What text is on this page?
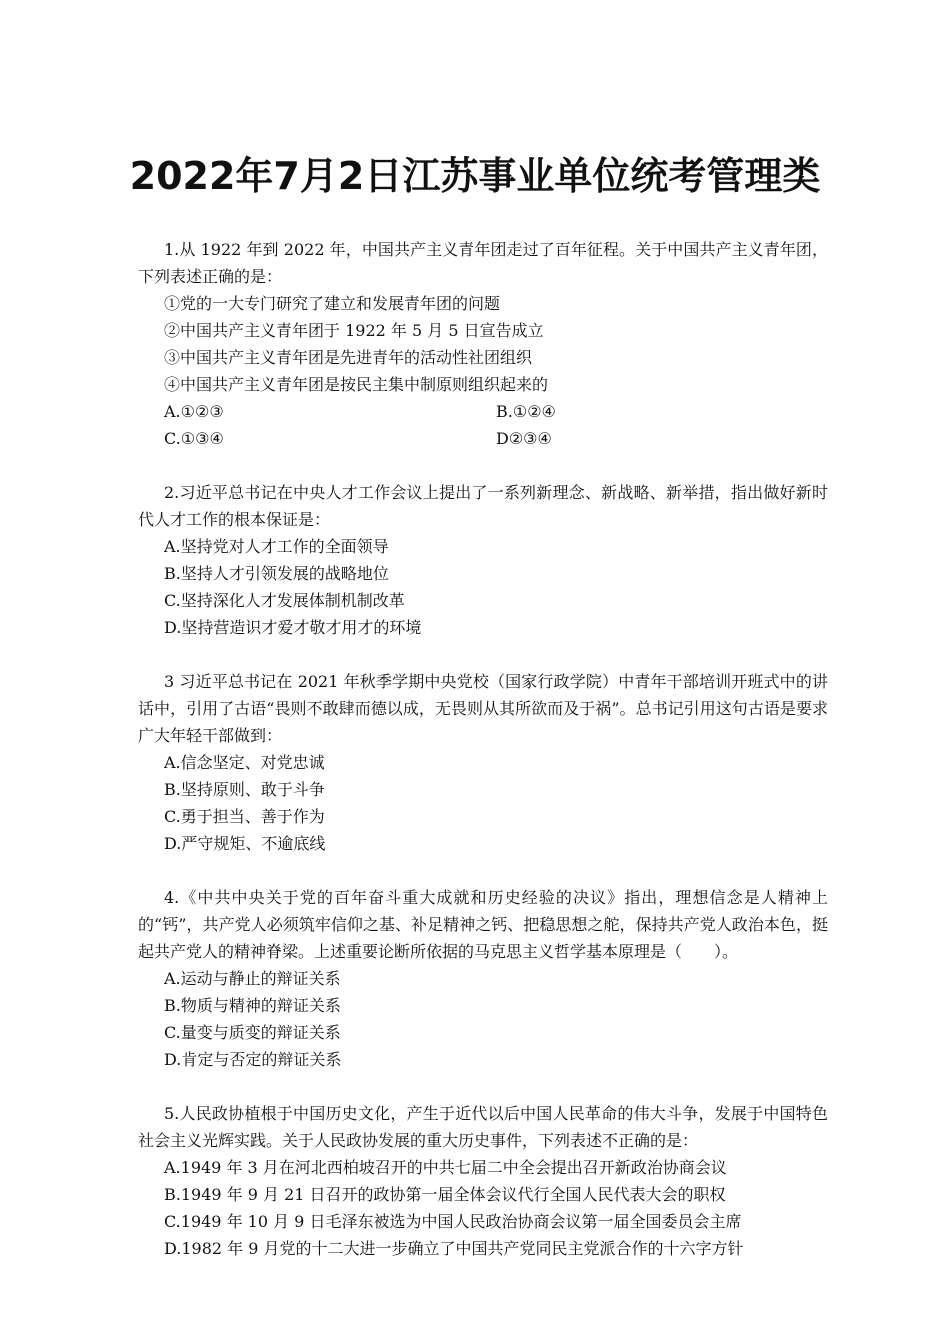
2022年7月2日江苏事业单位统考管理类

1.从 1922 年到 2022 年，中国共产主义青年团走过了百年征程。关于中国共产主义青年团，下列表述正确的是：

①党的一大专门研究了建立和发展青年团的问题

②中国共产主义青年团于 1922 年 5 月 5 日宣告成立

③中国共产主义青年团是先进青年的活动性社团组织

④中国共产主义青年团是按民主集中制原则组织起来的

A.①②③	B.①②④
C.①③④	D②③④

2.习近平总书记在中央人才工作会议上提出了一系列新理念、新战略、新举措，指出做好新时代人才工作的根本保证是：

A.坚持党对人才工作的全面领导

B.坚持人才引领发展的战略地位

C.坚持深化人才发展体制机制改革

D.坚持营造识才爱才敬才用才的环境

3 习近平总书记在 2021 年秋季学期中央党校（国家行政学院）中青年干部培训开班式中的讲话中，引用了古语“畏则不敢肆而德以成，无畏则从其所欲而及于祸”。总书记引用这句古语是要求广大年轻干部做到：

A.信念坚定、对党忠诚

B.坚持原则、敢于斗争

C.勇于担当、善于作为

D.严守规矩、不逾底线

4.《中共中央关于党的百年奋斗重大成就和历史经验的决议》指出，理想信念是人精神上的“钙”，共产党人必须筑牢信仰之基、补足精神之钙、把稳思想之舵，保持共产党人政治本色，挺起共产党人的精神脊梁。上述重要论断所依据的马克思主义哲学基本原理是（　　）。

A.运动与静止的辩证关系

B.物质与精神的辩证关系

C.量变与质变的辩证关系

D.肯定与否定的辩证关系

5.人民政协植根于中国历史文化，产生于近代以后中国人民革命的伟大斗争，发展于中国特色社会主义光辉实践。关于人民政协发展的重大历史事件，下列表述不正确的是：

A.1949 年 3 月在河北西柏坡召开的中共七届二中全会提出召开新政治协商会议

B.1949 年 9 月 21 日召开的政协第一届全体会议代行全国人民代表大会的职权

C.1949 年 10 月 9 日毛泽东被选为中国人民政治协商会议第一届全国委员会主席

D.1982 年 9 月党的十二大进一步确立了中国共产党同民主党派合作的十六字方针
